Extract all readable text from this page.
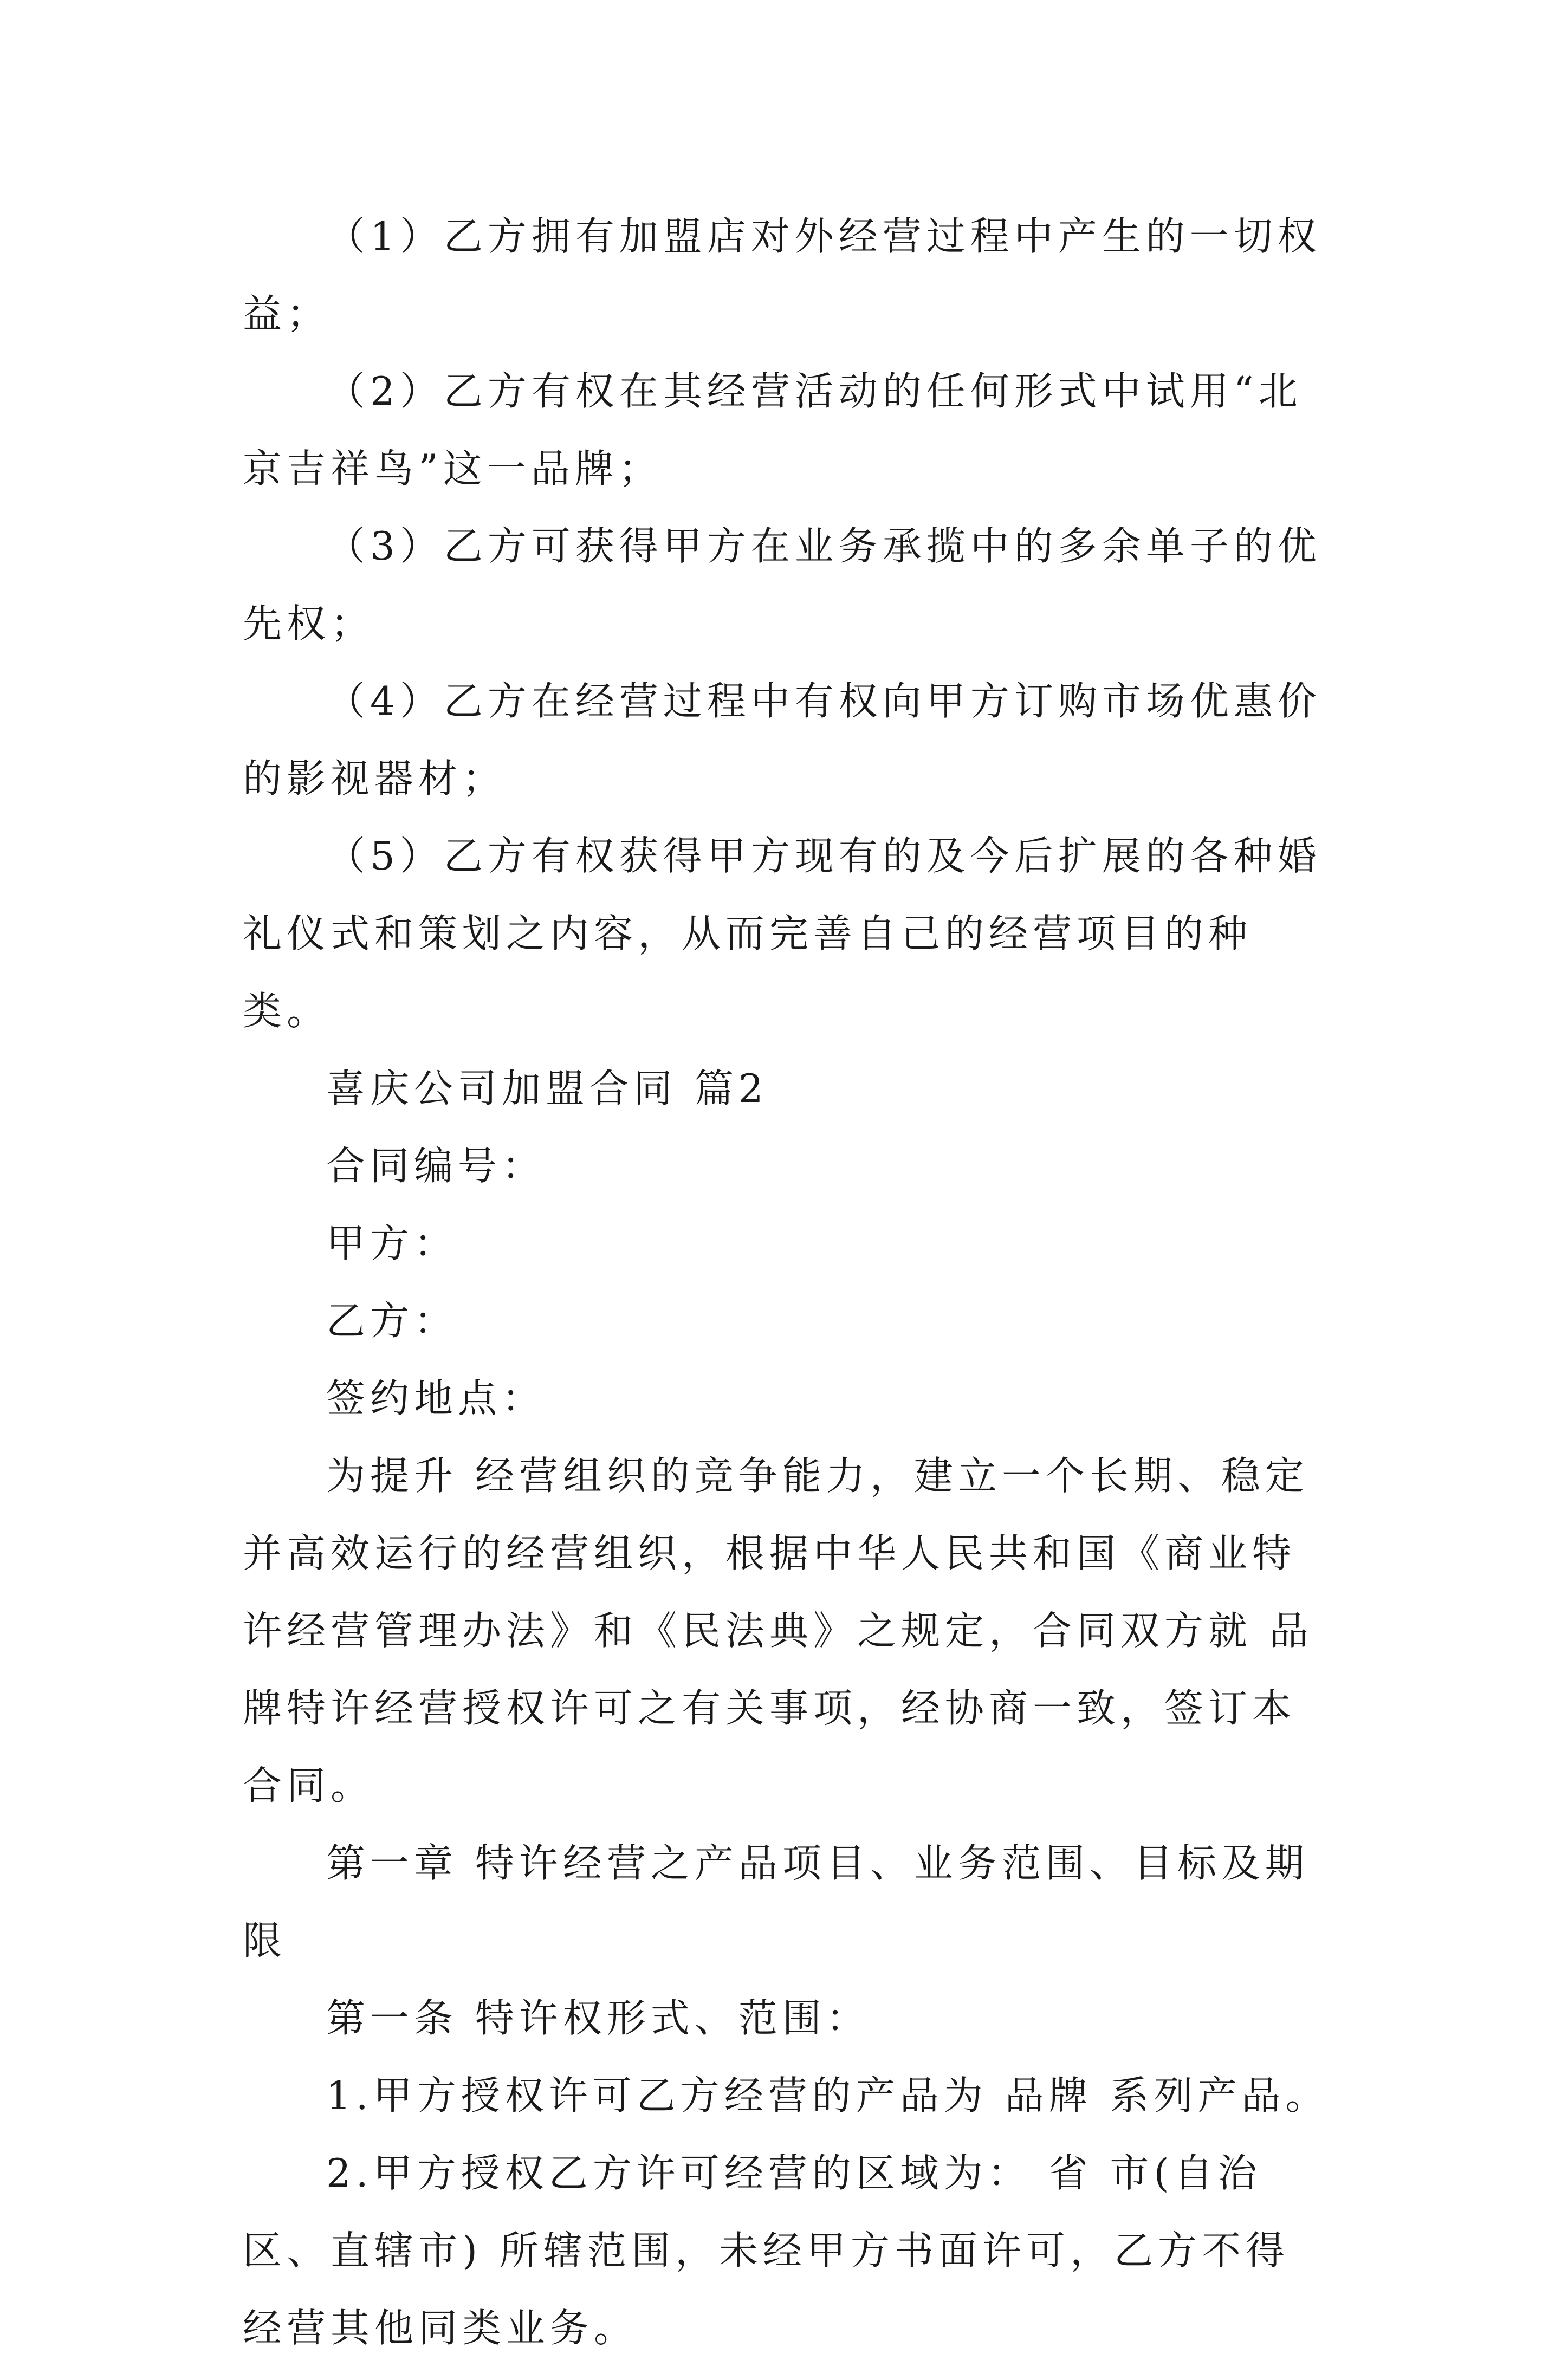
（1）乙方拥有加盟店对外经营过程中产生的一切权益；

（2）乙方有权在其经营活动的任何形式中试用“北京吉祥鸟”这一品牌；

（3）乙方可获得甲方在业务承揽中的多余单子的优先权；

（4）乙方在经营过程中有权向甲方订购市场优惠价的影视器材；

（5）乙方有权获得甲方现有的及今后扩展的各种婚礼仪式和策划之内容，从而完善自己的经营项目的种类。

喜庆公司加盟合同 篇2

合同编号：

甲方：

乙方：

签约地点：

为提升 经营组织的竞争能力，建立一个长期、稳定并高效运行的经营组织，根据中华人民共和国《商业特许经营管理办法》和《民法典》之规定，合同双方就 品牌特许经营授权许可之有关事项，经协商一致，签订本合同。

第一章 特许经营之产品项目、业务范围、目标及期限

第一条 特许权形式、范围：

1.甲方授权许可乙方经营的产品为 品牌 系列产品。

2.甲方授权乙方许可经营的区域为： 省 市(自治区、直辖市) 所辖范围，未经甲方书面许可，乙方不得经营其他同类业务。
